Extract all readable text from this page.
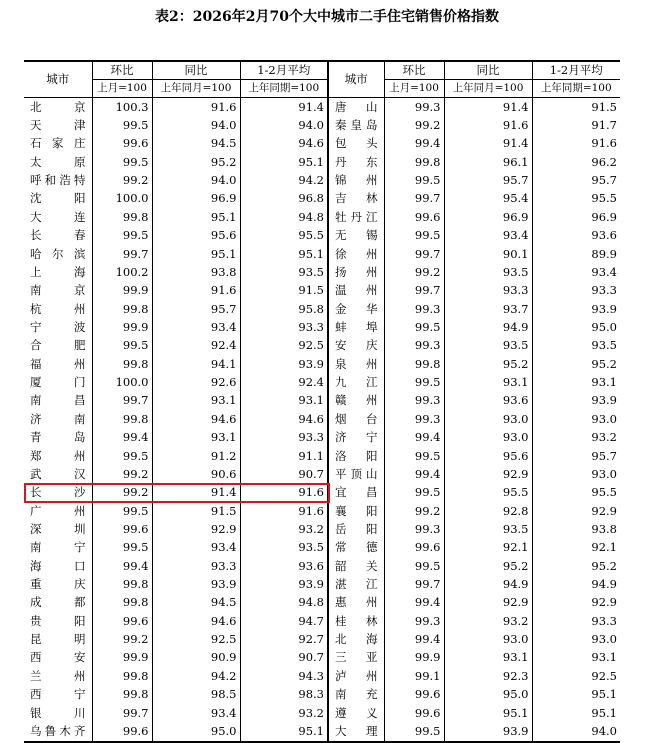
表2：2026年2月70个大中城市二手住宅销售价格指数
城市	环比	同比	1-2月平均	城市	环比	同比	1-2月平均
	上月=100	上年同月=100	上年同期=100		上月=100	上年同月=100	上年同期=100
北京	100.3	91.6	91.4	唐山	99.3	91.4	91.5
天津	99.5	94.0	94.0	秦皇岛	99.2	91.6	91.7
石家庄	99.6	94.5	94.6	包头	99.4	91.4	91.6
太原	99.5	95.2	95.1	丹东	99.8	96.1	96.2
呼和浩特	99.2	94.0	94.2	锦州	99.5	95.7	95.7
沈阳	100.0	96.9	96.8	吉林	99.7	95.4	95.5
大连	99.8	95.1	94.8	牡丹江	99.6	96.9	96.9
长春	99.5	95.6	95.5	无锡	99.5	93.4	93.6
哈尔滨	99.7	95.1	95.1	徐州	99.7	90.1	89.9
上海	100.2	93.8	93.5	扬州	99.2	93.5	93.4
南京	99.9	91.6	91.5	温州	99.7	93.3	93.3
杭州	99.8	95.7	95.8	金华	99.3	93.7	93.9
宁波	99.9	93.4	93.3	蚌埠	99.5	94.9	95.0
合肥	99.5	92.4	92.5	安庆	99.3	93.5	93.5
福州	99.8	94.1	93.9	泉州	99.8	95.2	95.2
厦门	100.0	92.6	92.4	九江	99.5	93.1	93.1
南昌	99.7	93.1	93.1	赣州	99.3	93.6	93.9
济南	99.8	94.6	94.6	烟台	99.3	93.0	93.0
青岛	99.4	93.1	93.3	济宁	99.4	93.0	93.2
郑州	99.5	91.2	91.1	洛阳	99.5	95.6	95.7
武汉	99.2	90.6	90.7	平顶山	99.4	92.9	93.0
长沙	99.2	91.4	91.6	宜昌	99.5	95.5	95.5
广州	99.5	91.5	91.6	襄阳	99.2	92.8	92.9
深圳	99.6	92.9	93.2	岳阳	99.3	93.5	93.8
南宁	99.5	93.4	93.5	常德	99.6	92.1	92.1
海口	99.4	93.3	93.6	韶关	99.5	95.2	95.2
重庆	99.8	93.9	93.9	湛江	99.7	94.9	94.9
成都	99.8	94.5	94.8	惠州	99.4	92.9	92.9
贵阳	99.6	94.6	94.7	桂林	99.3	93.2	93.3
昆明	99.2	92.5	92.7	北海	99.4	93.0	93.0
西安	99.9	90.9	90.7	三亚	99.9	93.1	93.1
兰州	99.8	94.2	94.3	泸州	99.1	92.3	92.5
西宁	99.8	98.5	98.3	南充	99.6	95.0	95.1
银川	99.7	93.4	93.2	遵义	99.6	95.1	95.1
乌鲁木齐	99.6	95.0	95.1	大理	99.5	93.9	94.0
